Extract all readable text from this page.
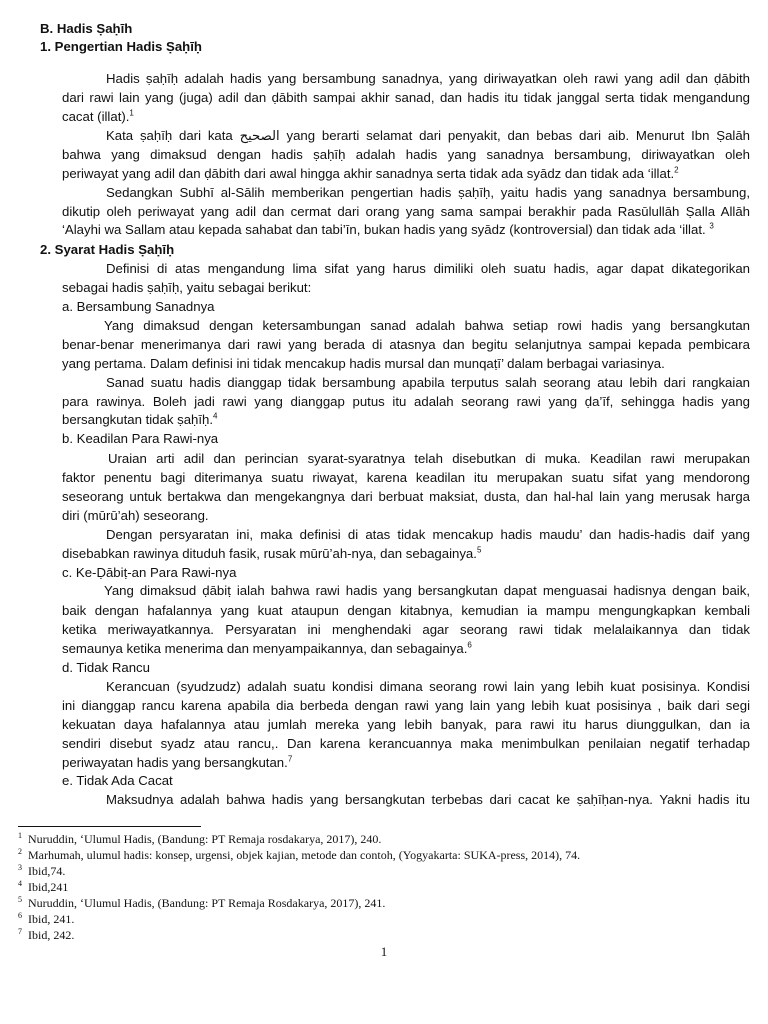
B. Hadis Ṣaḥīh
1. Pengertian Hadis Ṣaḥīḥ
Hadis ṣaḥīḥ adalah hadis yang bersambung sanadnya, yang diriwayatkan oleh rawi yang adil dan ḍābith
dari rawi lain yang (juga) adil dan ḍābith sampai akhir sanad, dan hadis itu tidak janggal serta tidak mengandung
cacat (illat).$^1$
Kata ṣaḥīḥ dari kata الصحيح yang berarti selamat dari penyakit, dan bebas dari aib. Menurut Ibn Ṣalāh
bahwa yang dimaksud dengan hadis ṣaḥīḥ adalah hadis yang sanadnya bersambung, diriwayatkan oleh
periwayat yang adil dan ḍābith dari awal hingga akhir sanadnya serta tidak ada syādz dan tidak ada ‘illat.$^2$
Sedangkan Subhī al-Sālih memberikan pengertian hadis ṣaḥīḥ, yaitu hadis yang sanadnya bersambung,
dikutip oleh periwayat yang adil dan cermat dari orang yang sama sampai berakhir pada Rasūlullāh Ṣalla Allāh
‘Alayhi wa Sallam atau kepada sahabat dan tabi’īn, bukan hadis yang syādz (kontroversial) dan tidak ada ‘illat. $^3$
2. Syarat Hadis Ṣaḥīḥ
Definisi di atas mengandung lima sifat yang harus dimiliki oleh suatu hadis, agar dapat dikategorikan
sebagai hadis ṣaḥīḥ, yaitu sebagai berikut:
a. Bersambung Sanadnya
Yang dimaksud dengan ketersambungan sanad adalah bahwa setiap rowi hadis yang bersangkutan
benar-benar menerimanya dari rawi yang berada di atasnya dan begitu selanjutnya sampai kepada pembicara
yang pertama. Dalam definisi ini tidak mencakup hadis mursal dan munqaṭī’ dalam berbagai variasinya.
Sanad suatu hadis dianggap tidak bersambung apabila terputus salah seorang atau lebih dari rangkaian
para rawinya. Boleh jadi rawi yang dianggap putus itu adalah seorang rawi yang ḍa’īf, sehingga hadis yang
bersangkutan tidak ṣaḥīḥ.$^4$
b. Keadilan Para Rawi-nya
Uraian arti adil dan perincian syarat-syaratnya telah disebutkan di muka. Keadilan rawi merupakan
faktor penentu bagi diterimanya suatu riwayat, karena keadilan itu merupakan suatu sifat yang mendorong
seseorang untuk bertakwa dan mengekangnya dari berbuat maksiat, dusta, dan hal-hal lain yang merusak harga
diri (mūrū’ah) seseorang.
Dengan persyaratan ini, maka definisi di atas tidak mencakup hadis maudu’ dan hadis-hadis daif yang
disebabkan rawinya dituduh fasik, rusak mūrū’ah-nya, dan sebagainya.$^5$
c. Ke-Ḍābiṭ-an Para Rawi-nya
Yang dimaksud ḍābiṭ ialah bahwa rawi hadis yang bersangkutan dapat menguasai hadisnya dengan baik,
baik dengan hafalannya yang kuat ataupun dengan kitabnya, kemudian ia mampu mengungkapkan kembali
ketika meriwayatkannya. Persyaratan ini menghendaki agar seorang rawi tidak melalaikannya dan tidak
semaunya ketika menerima dan menyampaikannya, dan sebagainya.$^6$
d. Tidak Rancu
Kerancuan (syudzudz) adalah suatu kondisi dimana seorang rowi lain yang lebih kuat posisinya. Kondisi
ini dianggap rancu karena apabila dia berbeda dengan rawi yang lain yang lebih kuat posisinya , baik dari segi
kekuatan daya hafalannya atau jumlah mereka yang lebih banyak, para rawi itu harus diunggulkan, dan ia
sendiri disebut syadz atau rancu,. Dan karena kerancuannya maka menimbulkan penilaian negatif terhadap
periwayatan hadis yang bersangkutan.$^7$
e. Tidak Ada Cacat
Maksudnya adalah bahwa hadis yang bersangkutan terbebas dari cacat ke ṣaḥīḥan-nya. Yakni hadis itu
$^1$ Nuruddin, ‘Ulumul Hadis, (Bandung: PT Remaja rosdakarya, 2017), 240.
$^2$ Marhumah, ulumul hadis: konsep, urgensi, objek kajian, metode dan contoh, (Yogyakarta: SUKA-press, 2014), 74.
$^3$ Ibid,74.
$^4$ Ibid,241
$^5$ Nuruddin, ‘Ulumul Hadis, (Bandung: PT Remaja Rosdakarya, 2017), 241.
$^6$ Ibid, 241.
$^7$ Ibid, 242.
1
